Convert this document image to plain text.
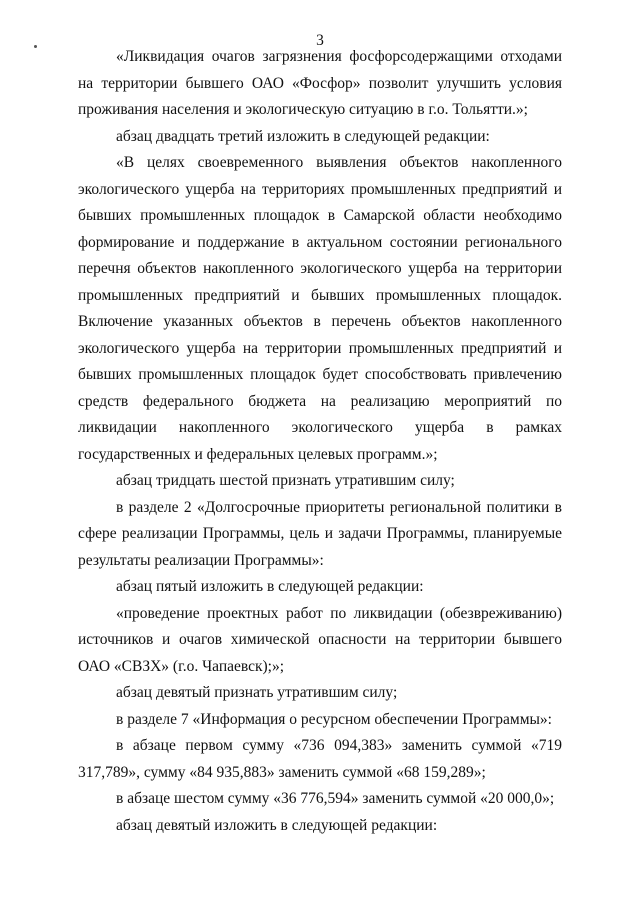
3

«Ликвидация очагов загрязнения фосфорсодержащими отходами на территории бывшего ОАО «Фосфор» позволит улучшить условия проживания населения и экологическую ситуацию в г.о. Тольятти.»;

абзац двадцать третий изложить в следующей редакции:

«В целях своевременного выявления объектов накопленного экологического ущерба на территориях промышленных предприятий и бывших промышленных площадок в Самарской области необходимо формирование и поддержание в актуальном состоянии регионального перечня объектов накопленного экологического ущерба на территории промышленных предприятий и бывших промышленных площадок. Включение указанных объектов в перечень объектов накопленного экологического ущерба на территории промышленных предприятий и бывших промышленных площадок будет способствовать привлечению средств федерального бюджета на реализацию мероприятий по ликвидации накопленного экологического ущерба в рамках государственных и федеральных целевых программ.»;

абзац тридцать шестой признать утратившим силу;

в разделе 2 «Долгосрочные приоритеты региональной политики в сфере реализации Программы, цель и задачи Программы, планируемые результаты реализации Программы»:

абзац пятый изложить в следующей редакции:

«проведение проектных работ по ликвидации (обезвреживанию) источников и очагов химической опасности на территории бывшего ОАО «СВЗХ» (г.о. Чапаевск);»;

абзац девятый признать утратившим силу;

в разделе 7 «Информация о ресурсном обеспечении Программы»:

в абзаце первом сумму «736 094,383» заменить суммой «719 317,789», сумму «84 935,883» заменить суммой «68 159,289»;

в абзаце шестом сумму «36 776,594» заменить суммой «20 000,0»;

абзац девятый изложить в следующей редакции:
